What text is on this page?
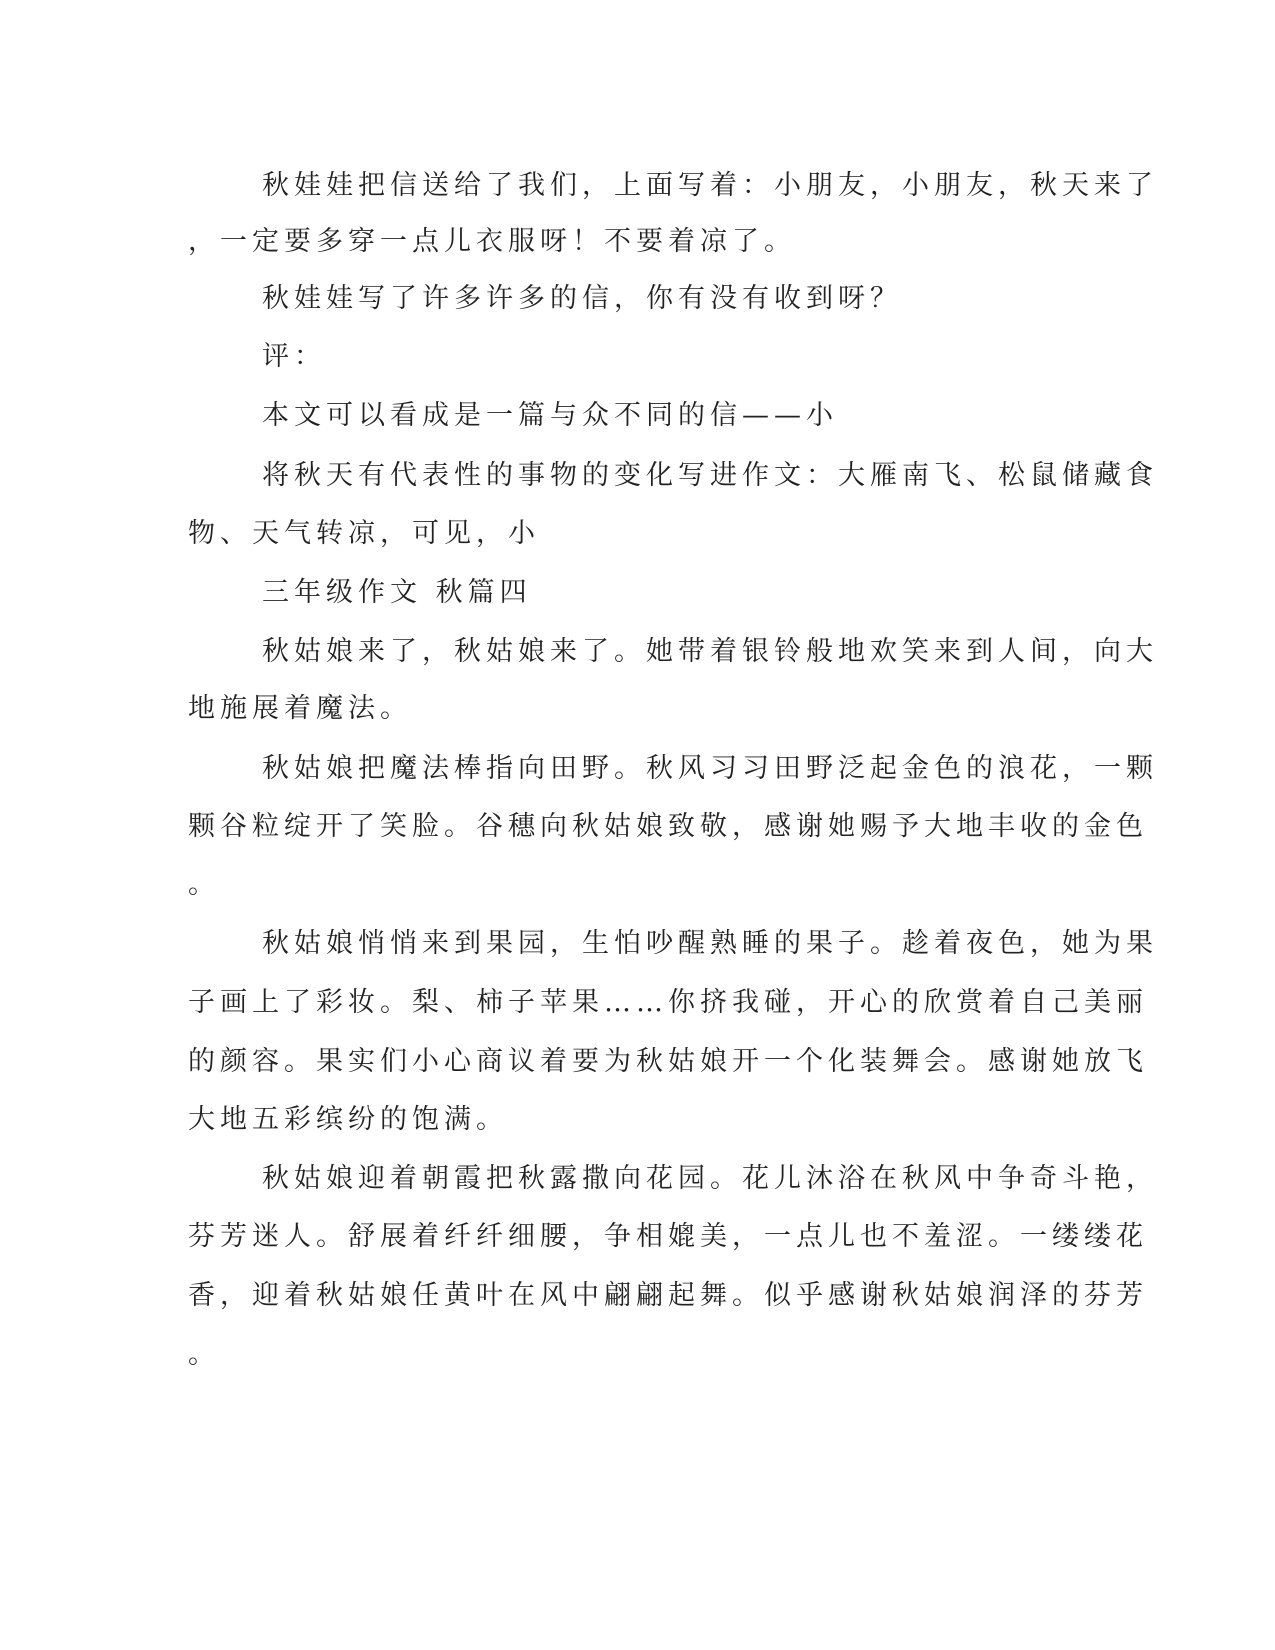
秋娃娃把信送给了我们，上面写着：小朋友，小朋友，秋天来了
，一定要多穿一点儿衣服呀！不要着凉了。
秋娃娃写了许多许多的信，你有没有收到呀？
评：
本文可以看成是一篇与众不同的信——小
将秋天有代表性的事物的变化写进作文：大雁南飞、松鼠储藏食
物、天气转凉，可见，小
三年级作文 秋篇四
秋姑娘来了，秋姑娘来了。她带着银铃般地欢笑来到人间，向大
地施展着魔法。
秋姑娘把魔法棒指向田野。秋风习习田野泛起金色的浪花，一颗
颗谷粒绽开了笑脸。谷穗向秋姑娘致敬，感谢她赐予大地丰收的金色
。
秋姑娘悄悄来到果园，生怕吵醒熟睡的果子。趁着夜色，她为果
子画上了彩妆。梨、柿子苹果……你挤我碰，开心的欣赏着自己美丽
的颜容。果实们小心商议着要为秋姑娘开一个化装舞会。感谢她放飞
大地五彩缤纷的饱满。
秋姑娘迎着朝霞把秋露撒向花园。花儿沐浴在秋风中争奇斗艳，
芬芳迷人。舒展着纤纤细腰，争相媲美，一点儿也不羞涩。一缕缕花
香，迎着秋姑娘任黄叶在风中翩翩起舞。似乎感谢秋姑娘润泽的芬芳
。
